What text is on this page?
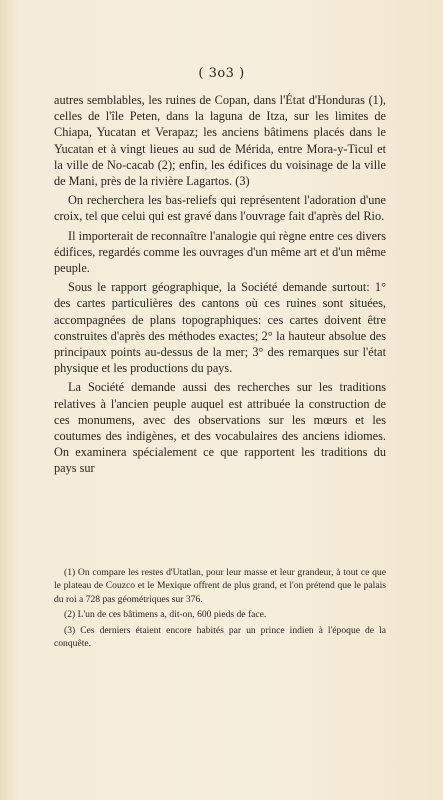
( 3o3 )

autres semblables, les ruines de Copan, dans l'État d'Honduras (1), celles de l'île Peten, dans la laguna de Itza, sur les limites de Chiapa, Yucatan et Verapaz; les anciens bâtimens placés dans le Yucatan et à vingt lieues au sud de Mérida, entre Mora-y-Ticul et la ville de No-cacab (2); enfin, les édifices du voisinage de la ville de Mani, près de la rivière Lagartos. (3)

On recherchera les bas-reliefs qui représentent l'adoration d'une croix, tel que celui qui est gravé dans l'ouvrage fait d'après del Rio.

Il importerait de reconnaître l'analogie qui règne entre ces divers édifices, regardés comme les ouvrages d'un même art et d'un même peuple.

Sous le rapport géographique, la Société demande surtout: 1° des cartes particulières des cantons où ces ruines sont situées, accompagnées de plans topographiques: ces cartes doivent être construites d'après des méthodes exactes; 2° la hauteur absolue des principaux points au-dessus de la mer; 3° des remarques sur l'état physique et les productions du pays.

La Société demande aussi des recherches sur les traditions relatives à l'ancien peuple auquel est attribuée la construction de ces monumens, avec des observations sur les mœurs et les coutumes des indigènes, et des vocabulaires des anciens idiomes. On examinera spécialement ce que rapportent les traditions du pays sur

(1) On compare les restes d'Utatlan, pour leur masse et leur grandeur, à tout ce que le plateau de Couzco et le Mexique offrent de plus grand, et l'on prétend que le palais du roi a 728 pas géométriques sur 376.

(2) L'un de ces bâtimens a, dit-on, 600 pieds de face.

(3) Ces derniers étaient encore habités par un prince indien à l'époque de la conquête.
